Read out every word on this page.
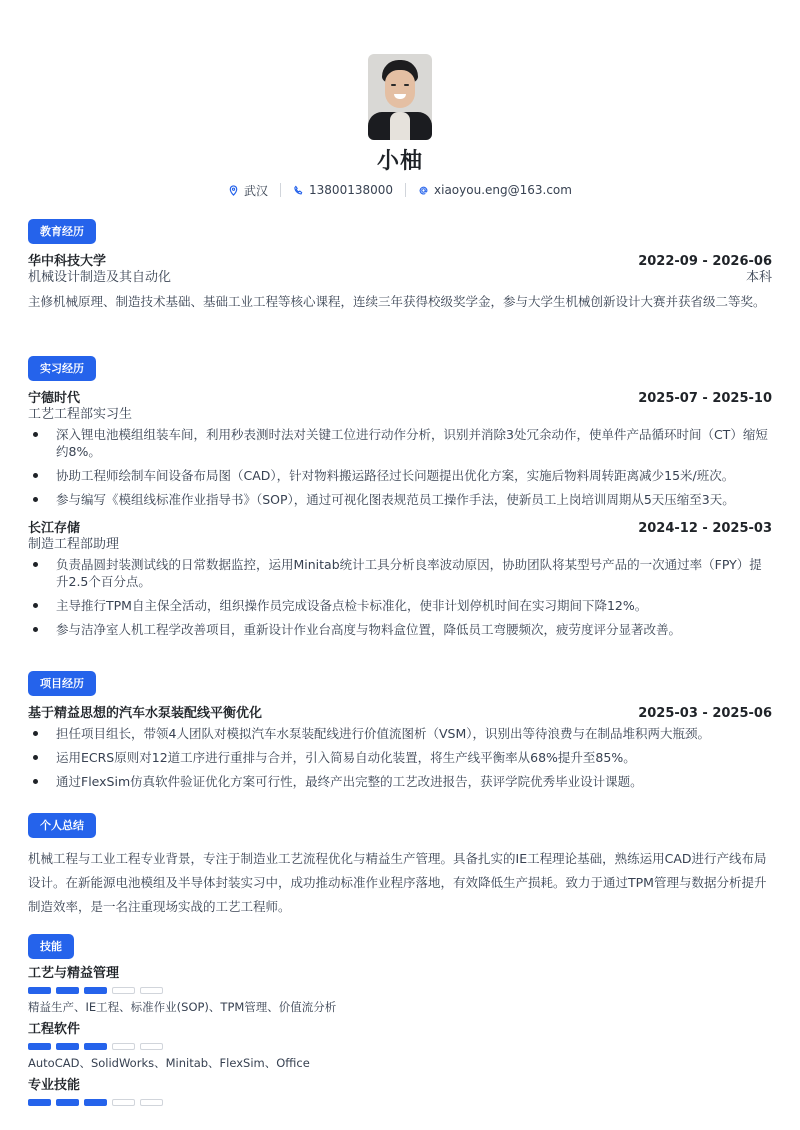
小柚
武汉	13800138000	xiaoyou.eng@163.com
教育经历
华中科技大学	2022-09 - 2026-06
机械设计制造及其自动化	本科
主修机械原理、制造技术基础、基础工业工程等核心课程，连续三年获得校级奖学金，参与大学生机械创新设计大赛并获省级二等奖。
实习经历
宁德时代	2025-07 - 2025-10
工艺工程部实习生
深入锂电池模组组装车间，利用秒表测时法对关键工位进行动作分析，识别并消除3处冗余动作，使单件产品循环时间（CT）缩短约8%。
协助工程师绘制车间设备布局图（CAD），针对物料搬运路径过长问题提出优化方案，实施后物料周转距离减少15米/班次。
参与编写《模组线标准作业指导书》（SOP），通过可视化图表规范员工操作手法，使新员工上岗培训周期从5天压缩至3天。
长江存储	2024-12 - 2025-03
制造工程部助理
负责晶圆封装测试线的日常数据监控，运用Minitab统计工具分析良率波动原因，协助团队将某型号产品的一次通过率（FPY）提升2.5个百分点。
主导推行TPM自主保全活动，组织操作员完成设备点检卡标准化，使非计划停机时间在实习期间下降12%。
参与洁净室人机工程学改善项目，重新设计作业台高度与物料盒位置，降低员工弯腰频次，疲劳度评分显著改善。
项目经历
基于精益思想的汽车水泵装配线平衡优化	2025-03 - 2025-06
担任项目组长，带领4人团队对模拟汽车水泵装配线进行价值流图析（VSM），识别出等待浪费与在制品堆积两大瓶颈。
运用ECRS原则对12道工序进行重排与合并，引入简易自动化装置，将生产线平衡率从68%提升至85%。
通过FlexSim仿真软件验证优化方案可行性，最终产出完整的工艺改进报告，获评学院优秀毕业设计课题。
个人总结
机械工程与工业工程专业背景，专注于制造业工艺流程优化与精益生产管理。具备扎实的IE工程理论基础，熟练运用CAD进行产线布局设计。在新能源电池模组及半导体封装实习中，成功推动标准作业程序落地，有效降低生产损耗。致力于通过TPM管理与数据分析提升制造效率，是一名注重现场实战的工艺工程师。
技能
工艺与精益管理
精益生产、IE工程、标准作业(SOP)、TPM管理、价值流分析
工程软件
AutoCAD、SolidWorks、Minitab、FlexSim、Office
专业技能
